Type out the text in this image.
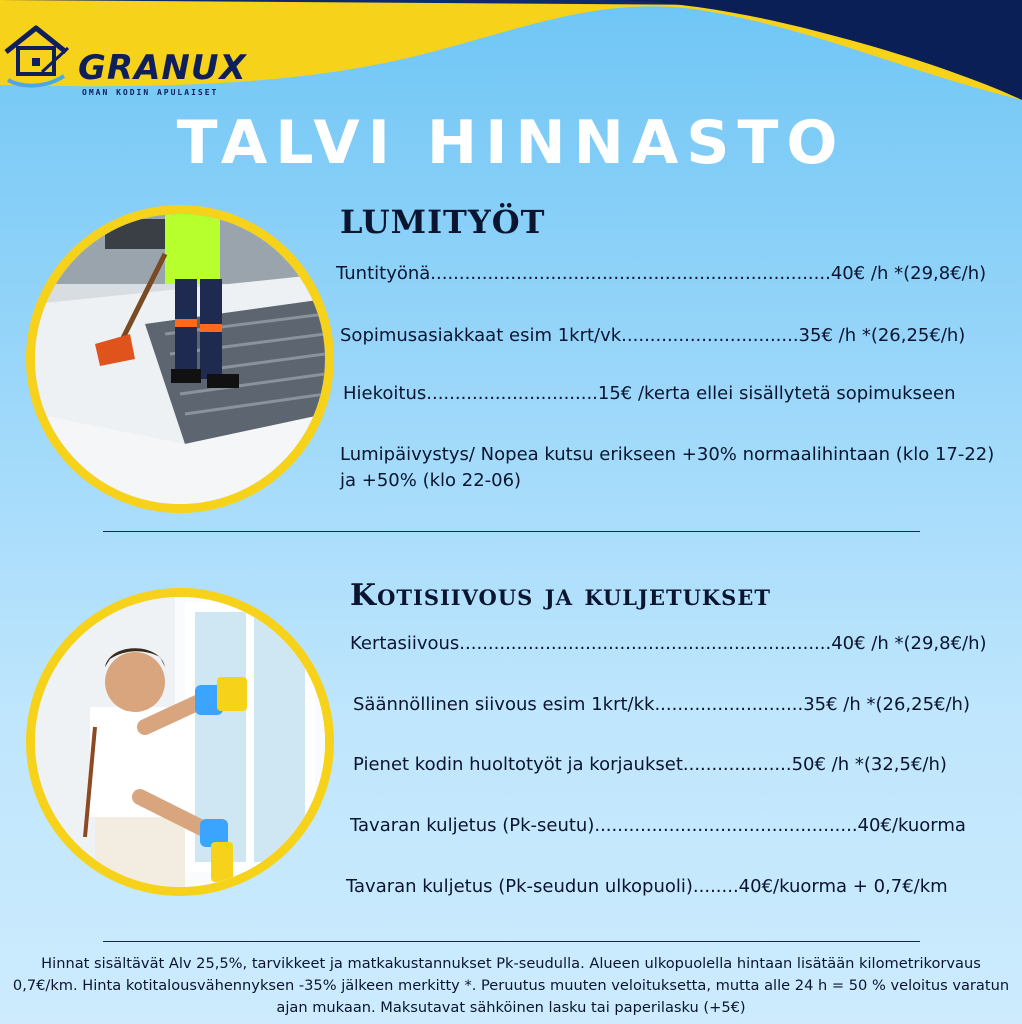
GRANUX
OMAN KODIN APULAISET
TALVI HINNASTO
LUMITYÖT
Tuntityönä......................................................................40€ /h *(29,8€/h)
Sopimusasiakkaat esim 1krt/vk...............................35€ /h *(26,25€/h)
Hiekoitus..............................15€ /kerta ellei sisällytetä sopimukseen
Lumipäivystys/ Nopea kutsu erikseen +30% normaalihintaan (klo 17-22) ja +50% (klo 22-06)
Kotisiivous ja kuljetukset
Kertasiivous.................................................................40€ /h *(29,8€/h)
Säännöllinen siivous esim 1krt/kk..........................35€ /h *(26,25€/h)
Pienet kodin huoltotyöt ja korjaukset...................50€ /h *(32,5€/h)
Tavaran kuljetus (Pk-seutu)..............................................40€/kuorma
Tavaran kuljetus (Pk-seudun ulkopuoli)........40€/kuorma + 0,7€/km

Hinnat sisältävät Alv 25,5%, tarvikkeet ja matkakustannukset Pk-seudulla. Alueen ulkopuolella hintaan lisätään kilometrikorvaus 0,7€/km. Hinta kotitalousvähennyksen -35% jälkeen merkitty *. Peruutus muuten veloituksetta, mutta alle 24 h = 50 % veloitus varatun ajan mukaan. Maksutavat sähköinen lasku tai paperilasku (+5€)
